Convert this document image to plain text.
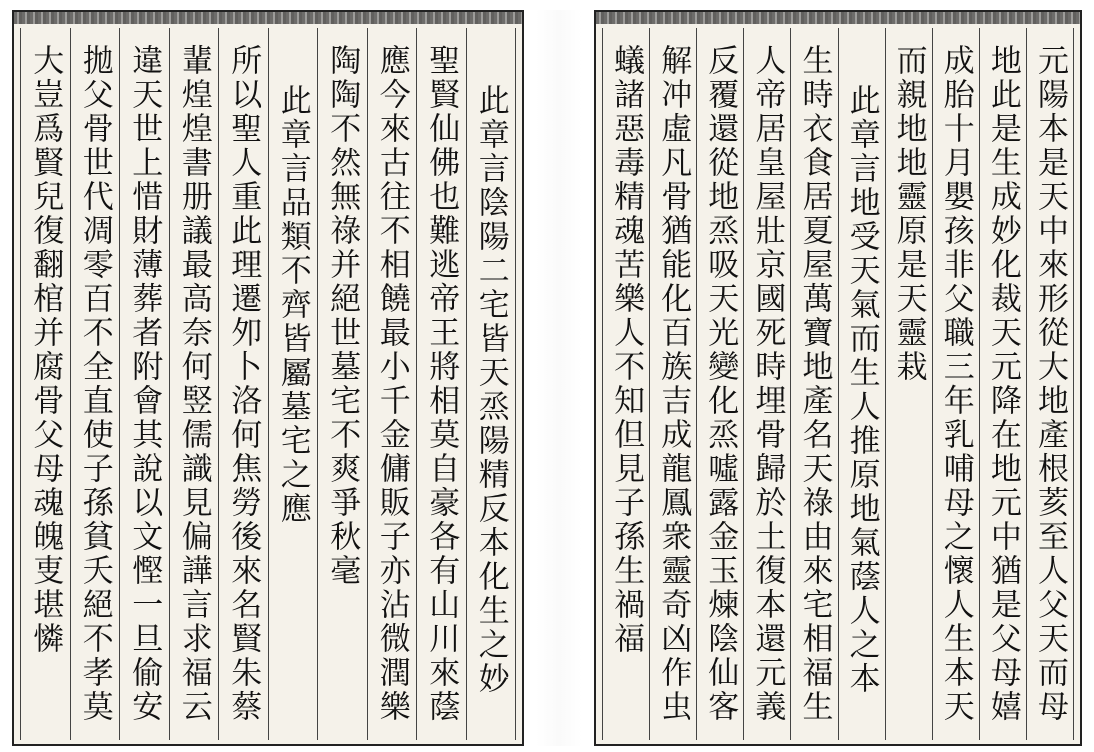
此章言陰陽二宅皆天烝陽精反本化生之妙
聖賢仙佛也難逃帝王將相莫自豪各有山川來蔭
應今來古往不相饒最小千金傭販子亦沾微潤樂
陶陶不然無祿并絕世墓宅不爽爭秋毫
此章言品類不齊皆屬墓宅之應
所以聖人重此理遷夘卜洛何焦勞後來名賢朱蔡
輩煌煌書册議最高奈何竪儒識見偏譁言求福云
違天世上惜財薄葬者附會其說以文慳一旦偷安
拋父骨世代凋零百不全直使子孫貧夭絕不孝莫
大豈爲賢兒復翻棺并腐骨父母魂魄叓堪憐	元陽本是天中來形從大地產根荄至人父天而母
地此是生成妙化裁天元降在地元中猶是父母嬉
成胎十月嬰孩非父職三年乳哺母之懷人生本天
而親地地靈原是天靈栽
此章言地受天氣而生人推原地氣蔭人之本
生時衣食居夏屋萬寶地產名天祿由來宅相福生
人帝居皇屋壯京國死時埋骨歸於土復本還元義
反覆還從地烝吸天光變化烝噓露金玉煉陰仙客
解冲虛凡骨猶能化百族吉成龍鳳衆靈奇凶作虫
蟻諸惡毒精魂苦樂人不知但見子孫生禍福
